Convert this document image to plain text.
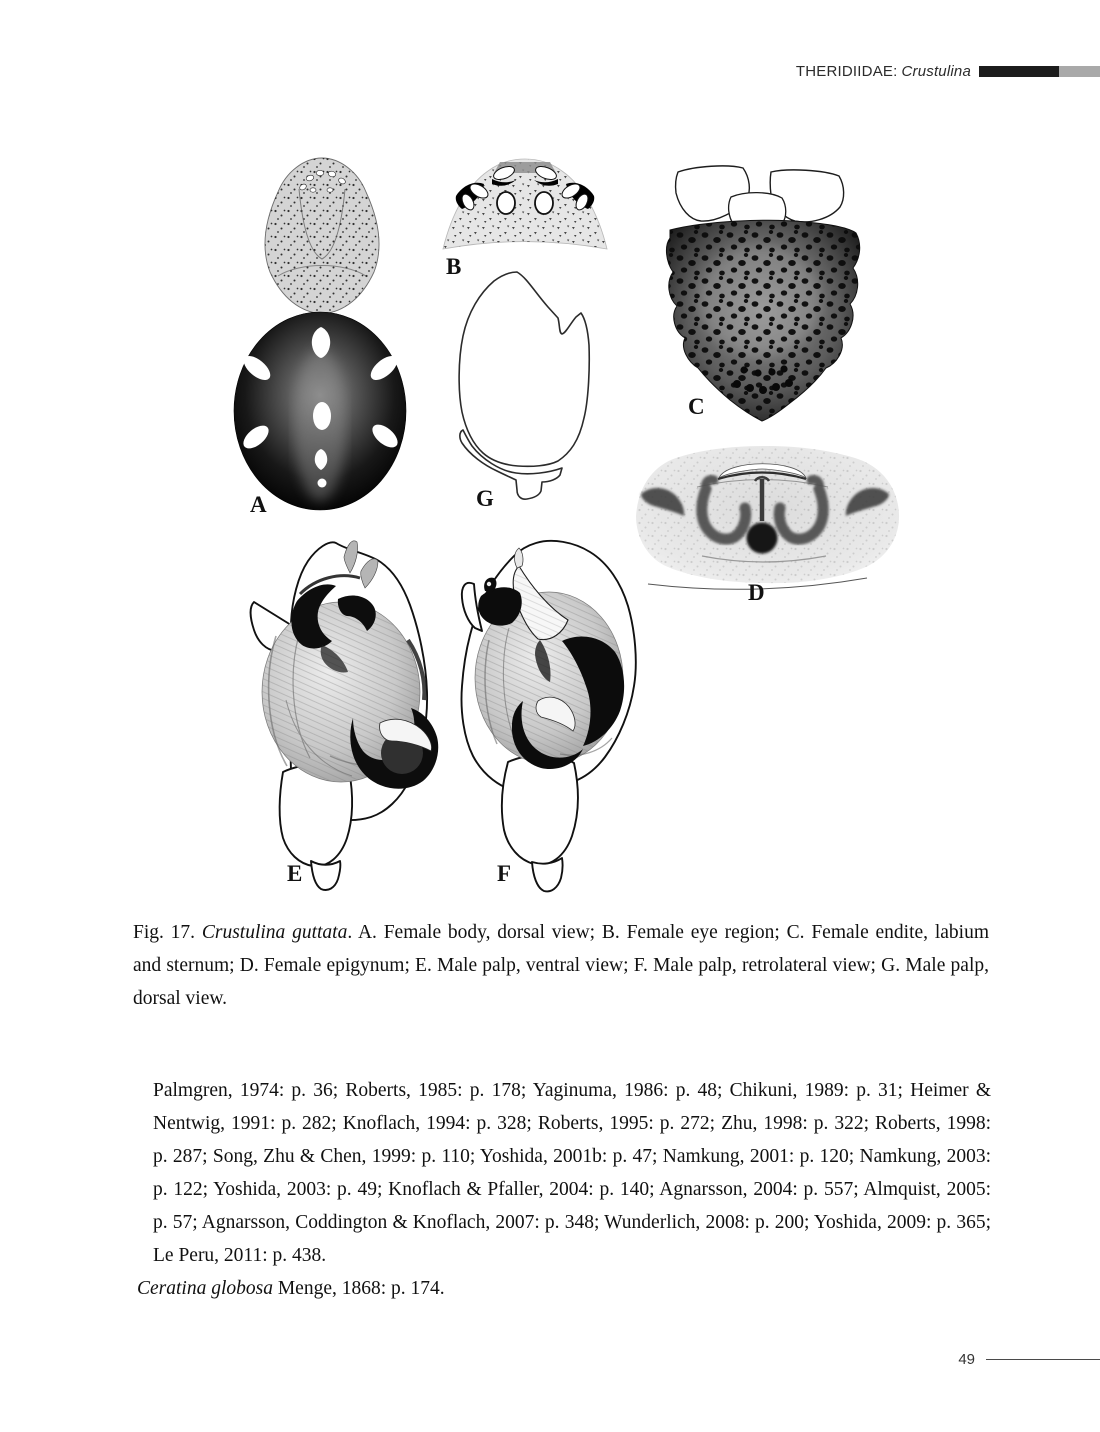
THERIDIIDAE: Crustulina
A
B
C
D
G
E	F

Fig. 17. Crustulina guttata. A. Female body, dorsal view; B. Female eye region; C. Female endite, labium and sternum; D. Female epigynum; E. Male palp, ventral view; F. Male palp, retrolateral view; G. Male palp, dorsal view.

Palmgren, 1974: p. 36; Roberts, 1985: p. 178; Yaginuma, 1986: p. 48; Chikuni, 1989: p. 31; Heimer & Nentwig, 1991: p. 282; Knoflach, 1994: p. 328; Roberts, 1995: p. 272; Zhu, 1998: p. 322; Roberts, 1998: p. 287; Song, Zhu & Chen, 1999: p. 110; Yoshida, 2001b: p. 47; Namkung, 2001: p. 120; Namkung, 2003: p. 122; Yoshida, 2003: p. 49; Knoflach & Pfaller, 2004: p. 140; Agnarsson, 2004: p. 557; Almquist, 2005: p. 57; Agnarsson, Coddington & Knoflach, 2007: p. 348; Wunderlich, 2008: p. 200; Yoshida, 2009: p. 365; Le Peru, 2011: p. 438.

Ceratina globosa Menge, 1868: p. 174.

49
